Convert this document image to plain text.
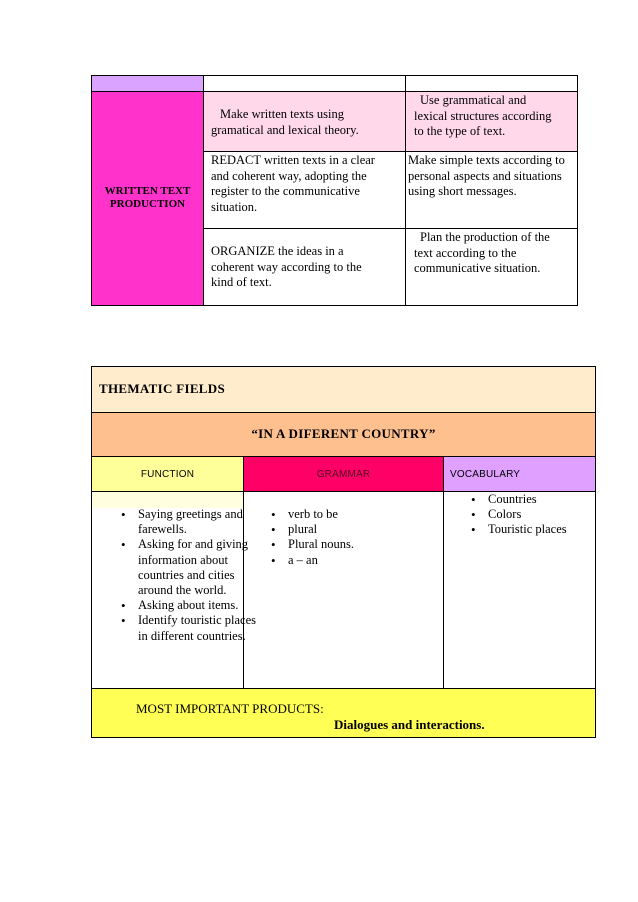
WRITTEN TEXT PRODUCTION
Make written texts using gramatical and lexical theory.
Use grammatical and lexical structures according to the type of text.
REDACT written texts in a clear and coherent way, adopting the register to the communicative situation.
Make simple texts according to personal aspects and situations using short messages.
ORGANIZE the ideas in a coherent way according to the kind of text.
Plan the production of the text according to the communicative situation.
THEMATIC FIELDS
“IN A DIFERENT COUNTRY”
FUNCTION	GRAMMAR	VOCABULARY
• Saying greetings and farewells.
• Asking for and giving information about countries and cities around the world.
• Asking about items.
• Identify touristic places in different countries.
• verb to be
• plural
• Plural nouns.
• a – an
• Countries
• Colors
• Touristic places
MOST IMPORTANT PRODUCTS:
Dialogues and interactions.
